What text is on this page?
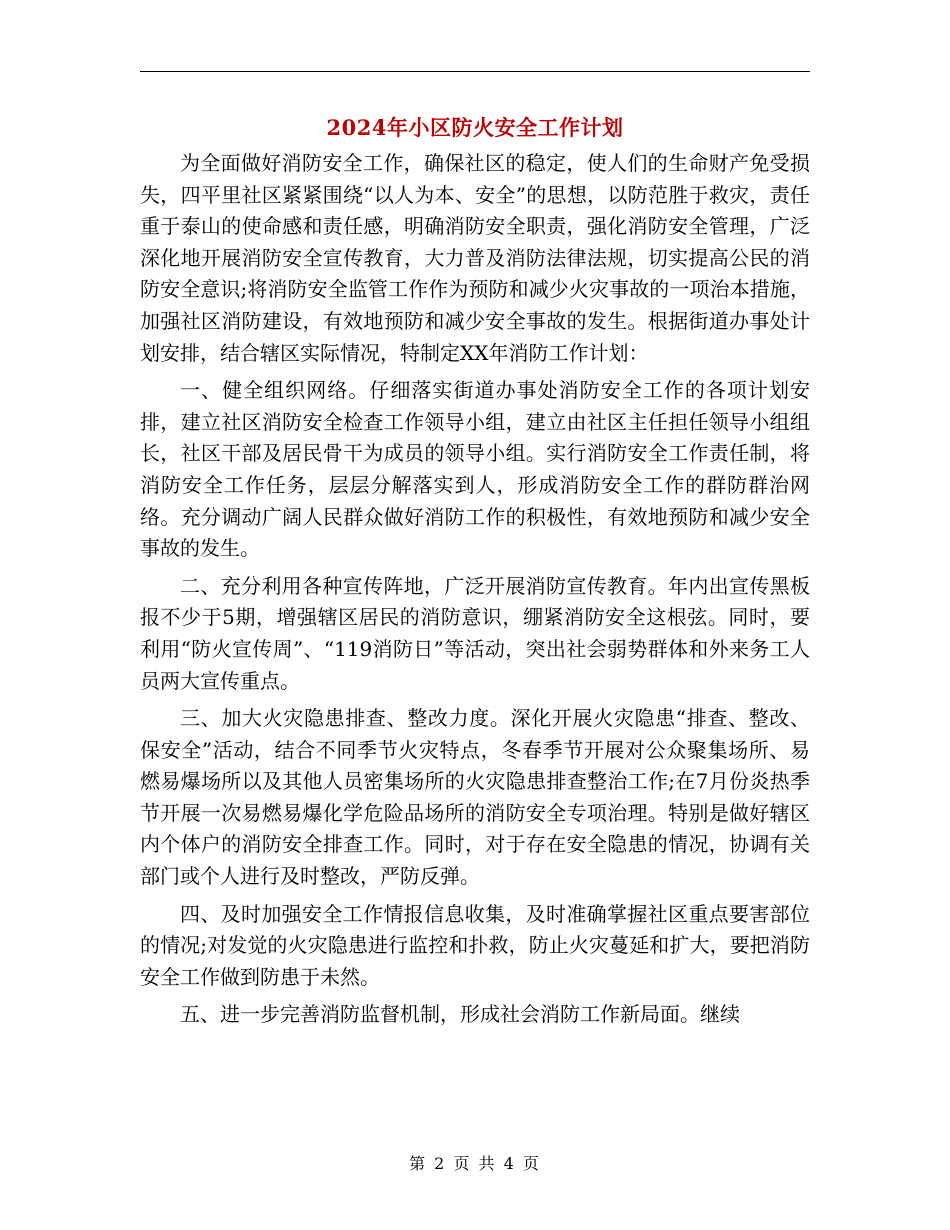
2024年小区防火安全工作计划

为全面做好消防安全工作，确保社区的稳定，使人们的生命财产免受损失，四平里社区紧紧围绕“以人为本、安全”的思想，以防范胜于救灾，责任重于泰山的使命感和责任感，明确消防安全职责，强化消防安全管理，广泛深化地开展消防安全宣传教育，大力普及消防法律法规，切实提高公民的消防安全意识;将消防安全监管工作作为预防和减少火灾事故的一项治本措施，加强社区消防建设，有效地预防和减少安全事故的发生。根据街道办事处计划安排，结合辖区实际情况，特制定XX年消防工作计划：

一、健全组织网络。仔细落实街道办事处消防安全工作的各项计划安排，建立社区消防安全检查工作领导小组，建立由社区主任担任领导小组组长，社区干部及居民骨干为成员的领导小组。实行消防安全工作责任制，将消防安全工作任务，层层分解落实到人，形成消防安全工作的群防群治网络。充分调动广阔人民群众做好消防工作的积极性，有效地预防和减少安全事故的发生。

二、充分利用各种宣传阵地，广泛开展消防宣传教育。年内出宣传黑板报不少于5期，增强辖区居民的消防意识，绷紧消防安全这根弦。同时，要利用“防火宣传周”、“119消防日”等活动，突出社会弱势群体和外来务工人员两大宣传重点。

三、加大火灾隐患排查、整改力度。深化开展火灾隐患“排查、整改、保安全”活动，结合不同季节火灾特点，冬春季节开展对公众聚集场所、易燃易爆场所以及其他人员密集场所的火灾隐患排查整治工作;在7月份炎热季节开展一次易燃易爆化学危险品场所的消防安全专项治理。特别是做好辖区内个体户的消防安全排查工作。同时，对于存在安全隐患的情况，协调有关部门或个人进行及时整改，严防反弹。

四、及时加强安全工作情报信息收集，及时准确掌握社区重点要害部位的情况;对发觉的火灾隐患进行监控和扑救，防止火灾蔓延和扩大，要把消防安全工作做到防患于未然。

五、进一步完善消防监督机制，形成社会消防工作新局面。继续

第 2 页 共 4 页
